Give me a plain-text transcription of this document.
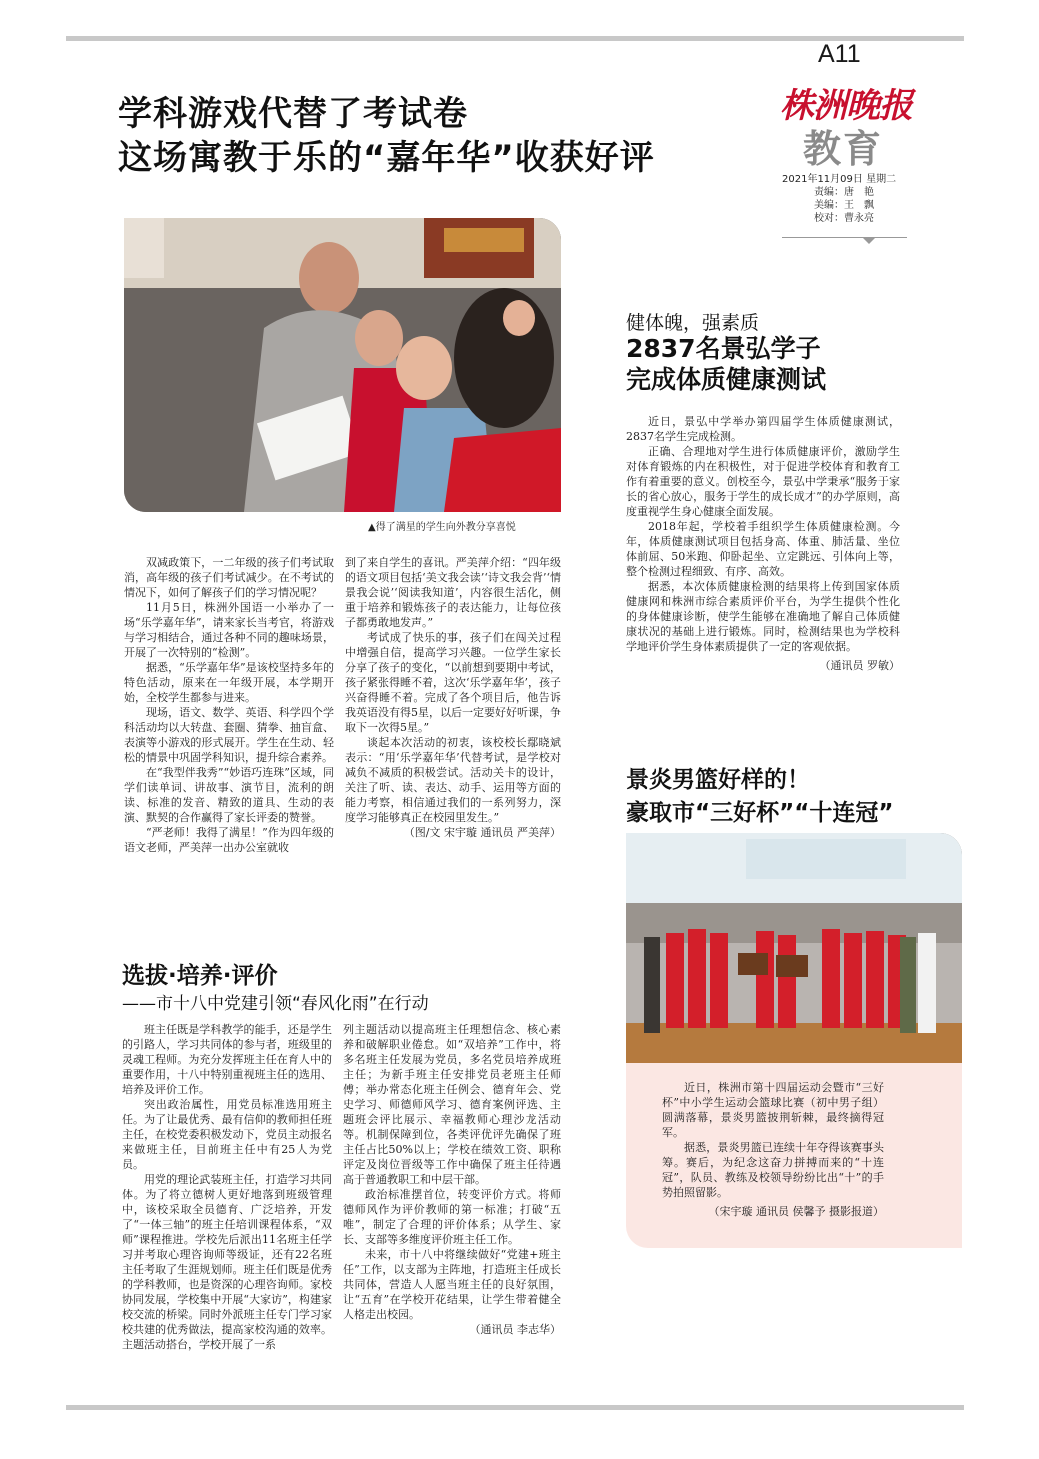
A11
株洲晚报
教育
2021年11月09日 星期二
责编：唐　艳
美编：王　飘
校对：曹永亮
学科游戏代替了考试卷
这场寓教于乐的“嘉年华”收获好评
▲得了满星的学生向外教分享喜悦

双减政策下，一二年级的孩子们考试取消，高年级的孩子们考试减少。在不考试的情况下，如何了解孩子们的学习情况呢？

11月5日，株洲外国语一小举办了一场“乐学嘉年华”，请来家长当考官，将游戏与学习相结合，通过各种不同的趣味场景，开展了一次特别的“检测”。

据悉，“乐学嘉年华”是该校坚持多年的特色活动，原来在一年级开展，本学期开始，全校学生都参与进来。

现场，语文、数学、英语、科学四个学科活动均以大转盘、套圈、猜拳、抽盲盒、表演等小游戏的形式展开。学生在生动、轻松的情景中巩固学科知识，提升综合素养。

在“我型伴我秀”“妙语巧连珠”区域，同学们读单词、讲故事、演节目，流利的朗读、标准的发音、精致的道具、生动的表演、默契的合作赢得了家长评委的赞誉。

“严老师！我得了满星！”作为四年级的语文老师，严美萍一出办公室就收

到了来自学生的喜讯。严美萍介绍：“四年级的语文项目包括‘美文我会读’‘诗文我会背’‘情景我会说’‘阅读我知道’，内容很生活化，侧重于培养和锻炼孩子的表达能力，让每位孩子都勇敢地发声。”

考试成了快乐的事，孩子们在闯关过程中增强自信，提高学习兴趣。一位学生家长分享了孩子的变化，“以前想到要期中考试，孩子紧张得睡不着，这次‘乐学嘉年华’，孩子兴奋得睡不着。完成了各个项目后，他告诉我英语没有得5星，以后一定要好好听课，争取下一次得5星。”

谈起本次活动的初衷，该校校长鄢晓斌表示：“用‘乐学嘉年华’代替考试，是学校对减负不减质的积极尝试。活动关卡的设计，关注了听、读、表达、动手、运用等方面的能力考察，相信通过我们的一系列努力，深度学习能够真正在校园里发生。”

（图/文 宋宇璇 通讯员 严美萍）
健体魄，强素质
2837名景弘学子
完成体质健康测试

近日，景弘中学举办第四届学生体质健康测试，2837名学生完成检测。

正确、合理地对学生进行体质健康评价，激励学生对体育锻炼的内在积极性，对于促进学校体育和教育工作有着重要的意义。创校至今，景弘中学秉承“服务于家长的省心放心，服务于学生的成长成才”的办学原则，高度重视学生身心健康全面发展。

2018年起，学校着手组织学生体质健康检测。今年，体质健康测试项目包括身高、体重、肺活量、坐位体前屈、50米跑、仰卧起坐、立定跳远、引体向上等，整个检测过程细致、有序、高效。

据悉，本次体质健康检测的结果将上传到国家体质健康网和株洲市综合素质评价平台，为学生提供个性化的身体健康诊断，使学生能够在准确地了解自己体质健康状况的基础上进行锻炼。同时，检测结果也为学校科学地评价学生身体素质提供了一定的客观依据。

（通讯员 罗敏）
景炎男篮好样的！
豪取市“三好杯”“十连冠”

近日，株洲市第十四届运动会暨市“三好杯”中小学生运动会篮球比赛（初中男子组）圆满落幕，景炎男篮披荆斩棘，最终摘得冠军。

据悉，景炎男篮已连续十年夺得该赛事头筹。赛后，为纪念这奋力拼搏而来的“十连冠”，队员、教练及校领导纷纷比出“十”的手势拍照留影。

（宋宇璇 通讯员 侯馨予 摄影报道）
选拔·培养·评价
——市十八中党建引领“春风化雨”在行动

班主任既是学科教学的能手，还是学生的引路人，学习共同体的参与者，班级里的灵魂工程师。为充分发挥班主任在育人中的重要作用，十八中特别重视班主任的选用、培养及评价工作。

突出政治属性，用党员标准选用班主任。为了让最优秀、最有信仰的教师担任班主任，在校党委积极发动下，党员主动报名来做班主任，目前班主任中有25人为党员。

用党的理论武装班主任，打造学习共同体。为了将立德树人更好地落到班级管理中，该校采取全员德育、广泛培养，开发了“一体三轴”的班主任培训课程体系，“双师”课程推进。学校先后派出11名班主任学习并考取心理咨询师等级证，还有22名班主任考取了生涯规划师。班主任们既是优秀的学科教师，也是资深的心理咨询师。家校协同发展，学校集中开展“大家访”，构建家校交流的桥梁。同时外派班主任专门学习家校共建的优秀做法，提高家校沟通的效率。主题活动搭台，学校开展了一系

列主题活动以提高班主任理想信念、核心素养和破解职业倦怠。如“双培养”工作中，将多名班主任发展为党员，多名党员培养成班主任；为新手班主任安排党员老班主任师傅；举办常态化班主任例会、德育年会、党史学习、师德师风学习、德育案例评选、主题班会评比展示、幸福教师心理沙龙活动等。机制保障到位，各类评优评先确保了班主任占比50%以上；学校在绩效工资、职称评定及岗位晋级等工作中确保了班主任待遇高于普通教职工和中层干部。

政治标准摆首位，转变评价方式。将师德师风作为评价教师的第一标准；打破“五唯”，制定了合理的评价体系；从学生、家长、支部等多维度评价班主任工作。

未来，市十八中将继续做好“党建+班主任”工作，以支部为主阵地，打造班主任成长共同体，营造人人愿当班主任的良好氛围，让“五育”在学校开花结果，让学生带着健全人格走出校园。

（通讯员 李志华）
